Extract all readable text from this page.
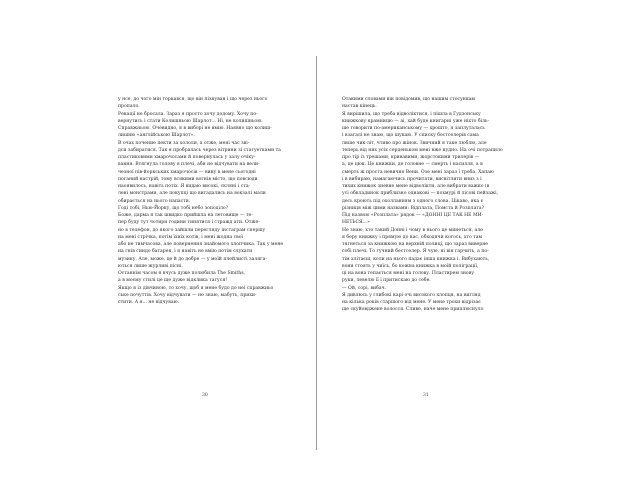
у нсе, до чого мін торкався, що він пізнуван і що через нього
пропало.
Рекації не бросала. Зараз я просто хочу додому. Хочу по-
вернутись і стати Колишньою Шарлот... Ні, не колишньою.
Справжньою. Очевидно, я в виборі не вмію. Наявно що колиш-
лишню «англійською Шарлот».
В очах почение пекти за хололи, а отже, мені час зві-
дси забиратися. Так я пробралась через вітрини зі статуетками та
пластиковими хмарочосами й повернулась у залу очіку-
вання. Втягнула голову в плечі, аби не відчувати на вели-
чезної пів-йоркських хмарочосів — вину в мене сьогодні
поганий настрій, тому всякими вогнів місто, що повсюди
наоявилось, навіть потіх. Я видаю високі, скляні і ста-
лені монстрами, але покупці що вигадались на вокзалі мали
обирається на нього напасти.
Годі тобі, Нью-Йорку, що тобі небо зоподіло?
Боже, дарма я так швидко прийшла на летовище — те-
пер буду тут чотири години тинятися і стражд ати. Отже-
но в телефон, до якого зайшли перегляду інстаграм спершу
на мені стрічка, потім їхніх котів, і мені жодна свої
або не тимчасова, але повернення знайомого хлопчика. Так у мене
на гнів синдо батарея, і я навіть не вмію потім слухати
музику. Але, може, це й до добре — у моїй плейлисті заляга-
ються лише журливі пісні.
Останнім часом я вчусь дуже полюбила The Smiths,
а в моєму стилі це ще дуже відклика татуся!
Якщо я із дівчиною, то хочу, щоб я мене будо дo неї справжньо
ське почуттів. Хочу відчувати — не знаю, мабуть, прихи-
стити. А я... не відчуваю.
Отакими словами він повідомив, що нашим стосункам
настав кінець.
Я вирішила, що треба відволіктися, і пішла в Гудзонську
книжкову крамницю — аі, хай буде книгарні уже ніхто біль-
ше говорити по-американському — хрошто, я заплуталась
і взагалі не знаю, що шукаю. У списку бестселерів сама
лише чик-літ, чтиво про жінок. Звичний я таке люблю, але
теперь від них усіх серденьком мені вже нудно. На очі потрапило
про тір із трешами, кривавими, жорстокими трилерів —
а, це цюк. Це книжки, де головне — смерть і насилля, а в
смерть ж проста невичне Вени. Озе мені зараз і треба. Хапаю
і в вибираю, намагаючись прочитати, висвітлити вниз з і
тихих книжок зневне мене відволікти, але вибрати важко (в
усі обкладинок приблизно однакові — похмурі й лісові пейзажі,
десь кроють під охолланням з одного слова. Цікаво, яка є
різниця між цими назвами: Відплата, Помста й Розплата?
Під назвою «Розплата» рядок — «ДОННІ ЦЕ ТАК НЕ МИ-
НЕТЬСЯ...»
Не знаю, хто такий Донні і чому в нього це минеться, але
я беру книжку і прямую до кас, обходячи когось, хто там
тягнеться за книжкою на верхній полиці, що зараз виверне
собі плечі. То гучний бестселер. Я чую, ні він гарчить, а по-
тім хлітаєш, коли на нього падає інша книжка і. Вибухають,
вони стоять у чиїсь, бо кожна книжка в моїй поліграції,
ці на вона гепається мені на голову. Пластирем знову
руки, левелю її і притискаю до себе.
— Ой, сорі, вибач.
Я дивлюсь у глибокі карі очі високого хлопця, на вигляд
на кілька років старшого від мене. У мене трохи відрізає
ще скуйовджене волосся. Сливе, наче мене приплюснуло
30	31
